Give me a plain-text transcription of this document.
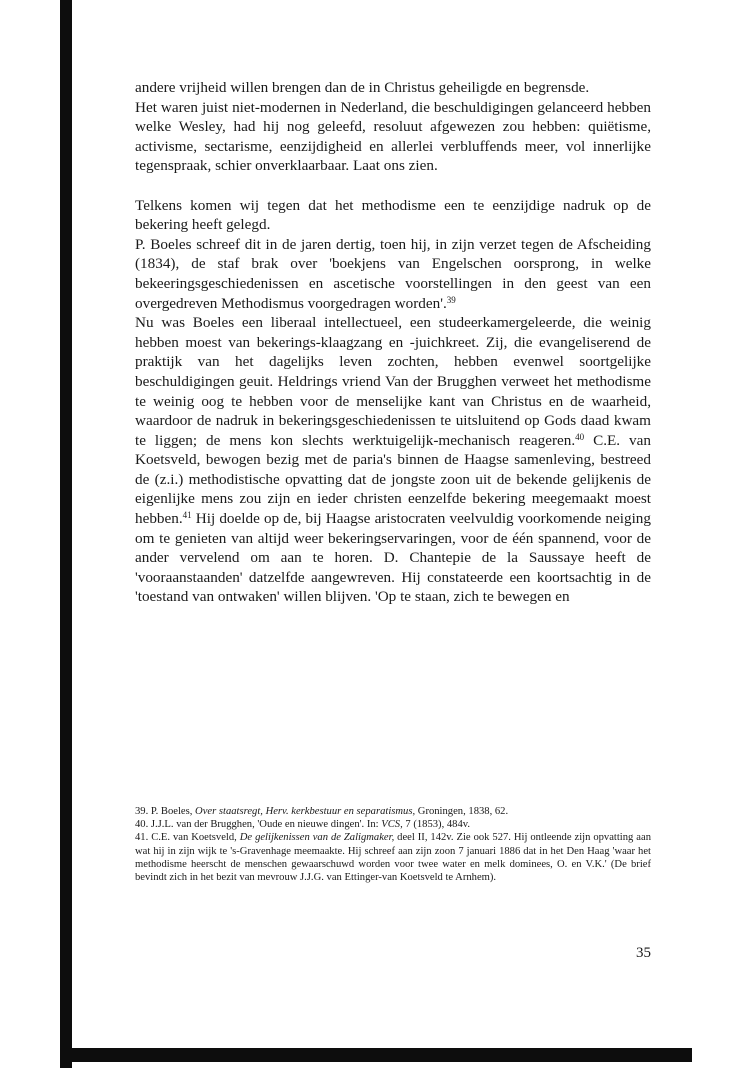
andere vrijheid willen brengen dan de in Christus geheiligde en begrensde.

Het waren juist niet-modernen in Nederland, die beschuldigingen gelanceerd hebben welke Wesley, had hij nog geleefd, resoluut afgewezen zou hebben: quiëtisme, activisme, sectarisme, eenzijdigheid en allerlei verbluffends meer, vol innerlijke tegenspraak, schier onverklaarbaar. Laat ons zien.

Telkens komen wij tegen dat het methodisme een te eenzijdige nadruk op de bekering heeft gelegd.

P. Boeles schreef dit in de jaren dertig, toen hij, in zijn verzet tegen de Afscheiding (1834), de staf brak over 'boekjens van Engelschen oorsprong, in welke bekeeringsgeschiedenissen en ascetische voorstellingen in den geest van een overgedreven Methodismus voorgedragen worden'.$^{39}$

Nu was Boeles een liberaal intellectueel, een studeerkamergeleerde, die weinig hebben moest van bekerings-klaagzang en -juichkreet. Zij, die evangeliserend de praktijk van het dagelijks leven zochten, hebben evenwel soortgelijke beschuldigingen geuit. Heldrings vriend Van der Brugghen verweet het methodisme te weinig oog te hebben voor de menselijke kant van Christus en de waarheid, waardoor de nadruk in bekeringsgeschiedenissen te uitsluitend op Gods daad kwam te liggen; de mens kon slechts werktuigelijk-mechanisch reageren.$^{40}$ C.E. van Koetsveld, bewogen bezig met de paria's binnen de Haagse samenleving, bestreed de (z.i.) methodistische opvatting dat de jongste zoon uit de bekende gelijkenis de eigenlijke mens zou zijn en ieder christen eenzelfde bekering meegemaakt moest hebben.$^{41}$ Hij doelde op de, bij Haagse aristocraten veelvuldig voorkomende neiging om te genieten van altijd weer bekeringservaringen, voor de één spannend, voor de ander vervelend om aan te horen. D. Chantepie de la Saussaye heeft de 'vooraanstaanden' datzelfde aangewreven. Hij constateerde een koortsachtig in de 'toestand van ontwaken' willen blijven. 'Op te staan, zich te bewegen en

39. P. Boeles, Over staatsregt, Herv. kerkbestuur en separatismus, Groningen, 1838, 62.

40. J.J.L. van der Brugghen, 'Oude en nieuwe dingen'. In: VCS, 7 (1853), 484v.

41. C.E. van Koetsveld, De gelijkenissen van de Zaligmaker, deel II, 142v. Zie ook 527. Hij ontleende zijn opvatting aan wat hij in zijn wijk te 's-Gravenhage meemaakte. Hij schreef aan zijn zoon 7 januari 1886 dat in het Den Haag 'waar het methodisme heerscht de menschen gewaarschuwd worden voor twee water en melk dominees, O. en V.K.' (De brief bevindt zich in het bezit van mevrouw J.J.G. van Ettinger-van Koetsveld te Arnhem).

35
